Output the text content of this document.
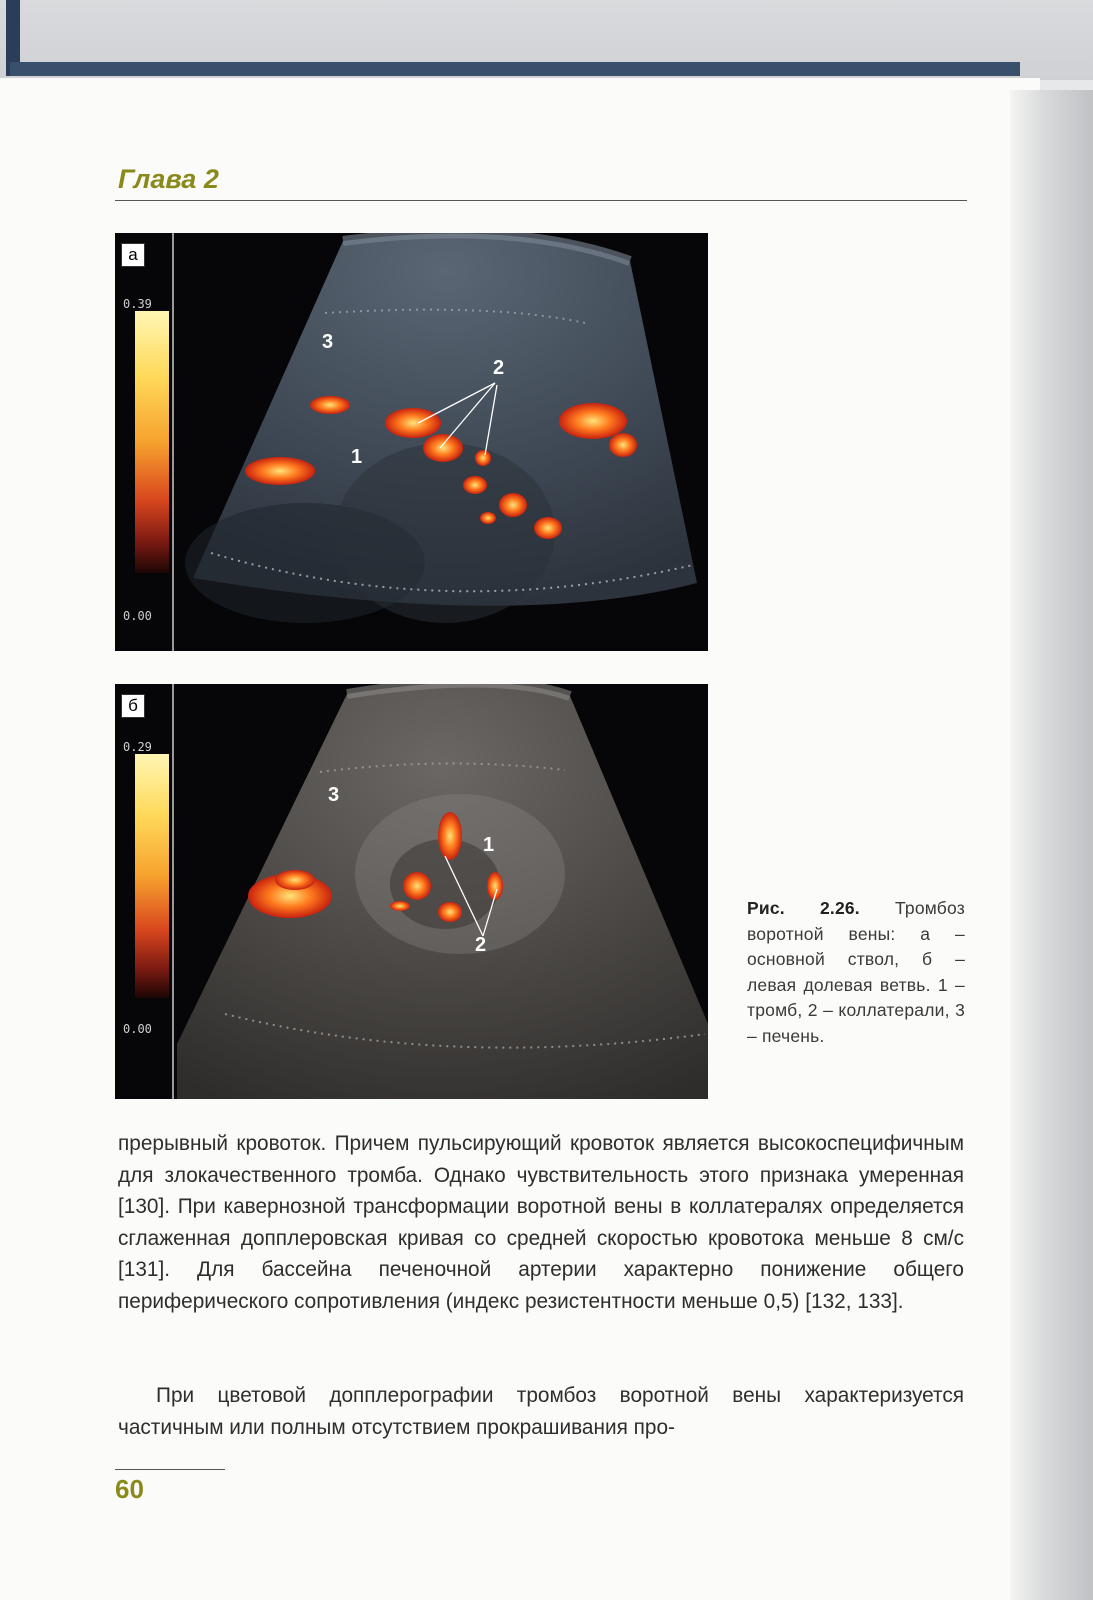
Глава 2
0.39
0.00
а
3
2
1
0.29
0.00
б
3
1
2
Рис. 2.26. Тромбоз воротной вены: а – основной ствол, б – левая долевая ветвь. 1 – тромб, 2 – коллатерали, 3 – печень.

прерывный кровоток. Причем пульсирующий кровоток является высокоспецифичным для злокачественного тромба. Однако чувствительность этого признака умеренная [130]. При кавернозной трансформации воротной вены в коллатералях определяется сглаженная допплеровская кривая со средней скоростью кровотока меньше 8 см/с [131]. Для бассейна печеночной артерии характерно понижение общего периферического сопротивления (индекс резистентности меньше 0,5) [132, 133].

При цветовой допплерографии тромбоз воротной вены характеризуется частичным или полным отсутствием прокрашивания про-

60
